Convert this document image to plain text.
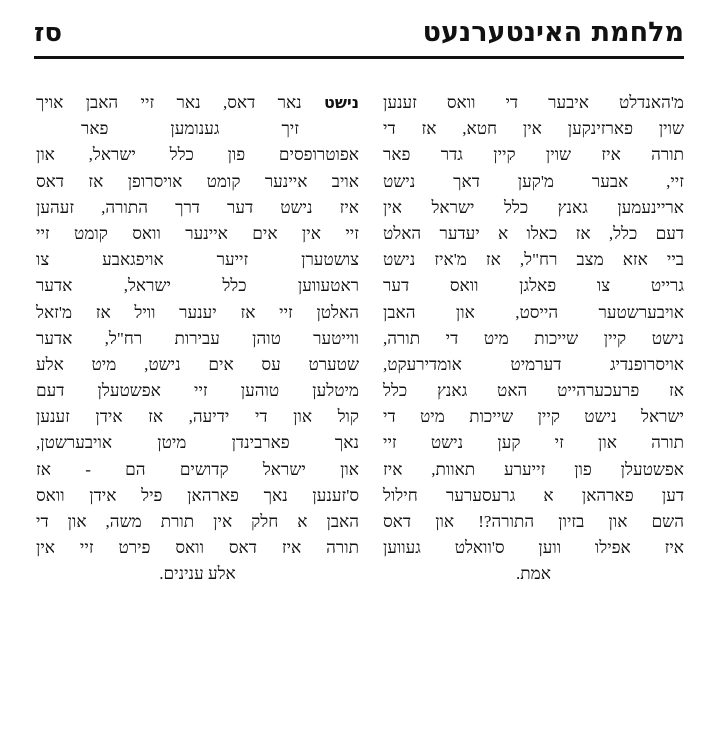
מלחמת האינטערנעט
סז
מ'האנדלט איבער די וואס זענען
שוין פארזינקען אין חטא, אז די
תורה איז שוין קיין גדר פאר
זיי, אבער מ'קען דאך נישט
אריינעמען גאנץ כלל ישראל אין
דעם כלל, אז כאלו א יעדער האלט
ביי אזא מצב רח"ל, אז מ'איז נישט
גרייט צו פאלגן וואס דער
אויבערשטער הייסט, און האבן
נישט קיין שייכות מיט די תורה,
אויסרופנדיג דערמיט אומדירעקט,
אז פרעכערהייט האט גאנץ כלל
ישראל נישט קיין שייכות מיט די
תורה און זי קען נישט זיי
אפשטעלן פון זייערע תאוות, איז
דען פארהאן א גרעסערער חילול
השם און בזיון התורה?! און דאס
איז אפילו ווען ס'וואלט געווען
אמת.
נישט נאר דאס, נאר זיי האבן אויך
זיך גענומען פאר
אפוטרופסים פון כלל ישראל, און
אויב איינער קומט אויסרופן אז דאס
איז נישט דער דרך התורה, זעהען
זיי אין אים איינער וואס קומט זיי
צושטערן זייער אויפגאבע צו
ראטעווען כלל ישראל, אדער
האלטן זיי אז יענער וויל אז מ'זאל
ווייטער טוהן עבירות רח"ל, אדער
שטערט עס אים נישט, מיט אלע
מיטלען טוהען זיי אפשטעלן דעם
קול און די ידיעה, אז אידן זענען
נאך פארבינדן מיטן אויבערשטן,
און ישראל קדושים הם - אז
ס'זענען נאך פארהאן פיל אידן וואס
האבן א חלק אין תורת משה, און די
תורה איז דאס וואס פירט זיי אין
אלע ענינים.
